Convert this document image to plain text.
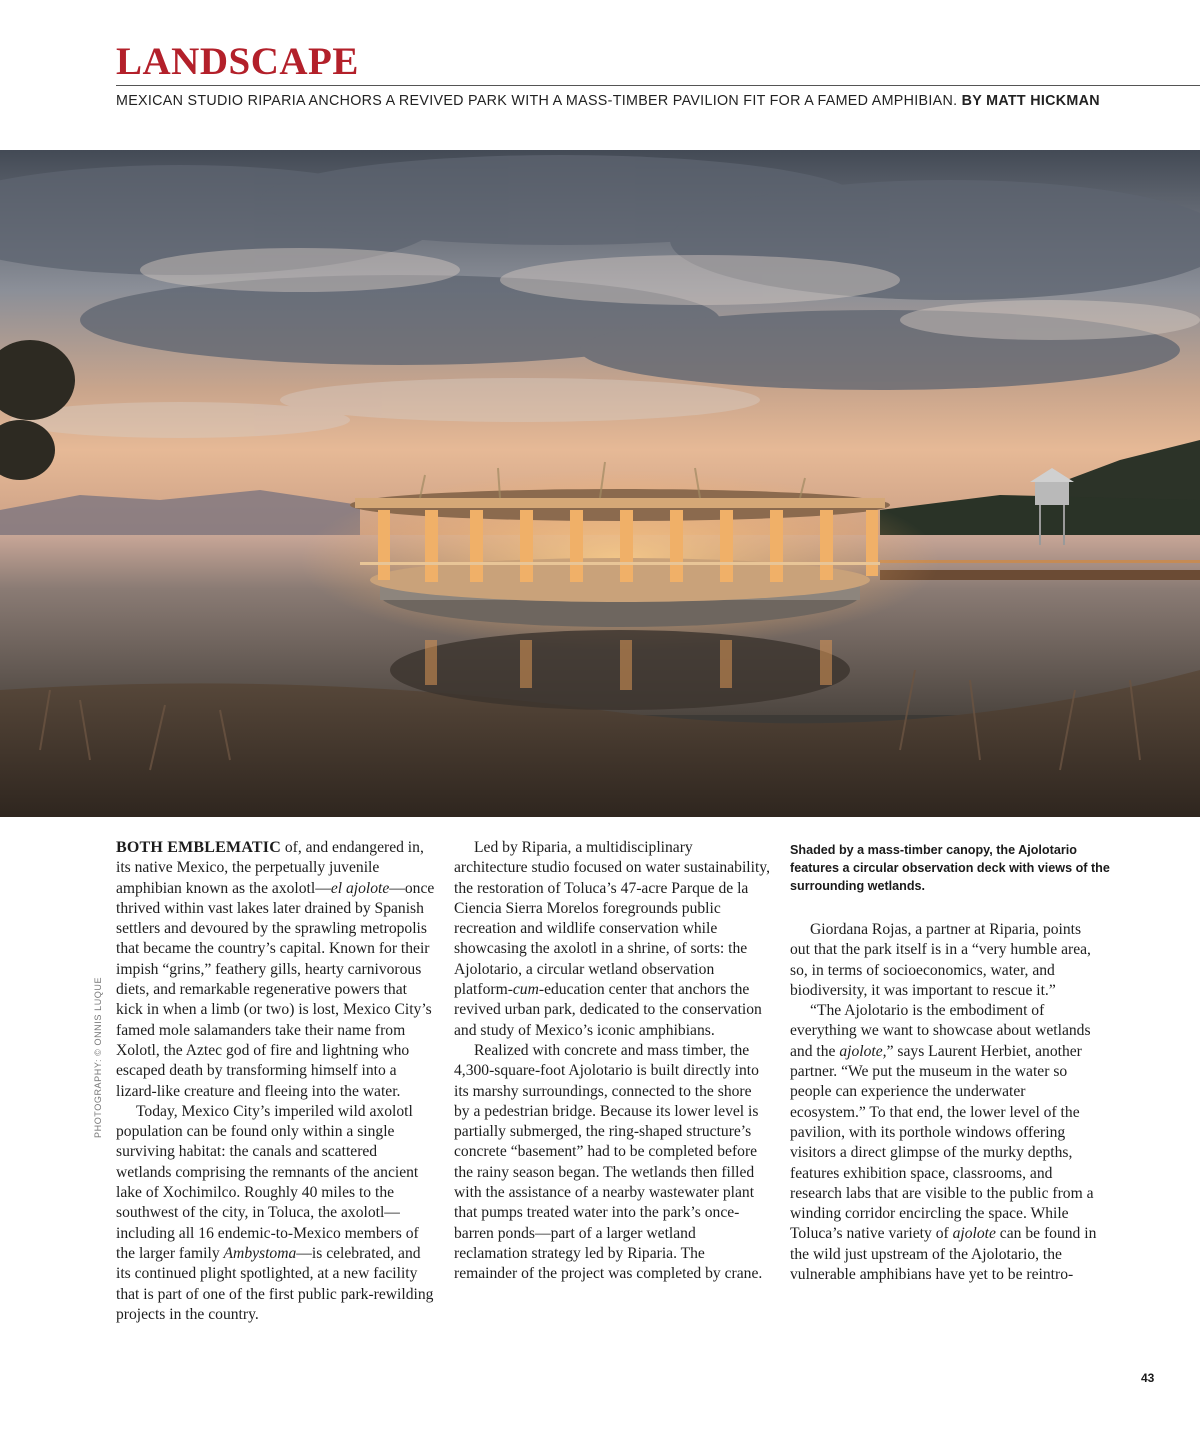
LANDSCAPE

MEXICAN STUDIO RIPARIA ANCHORS A REVIVED PARK WITH A MASS-TIMBER PAVILION FIT FOR A FAMED AMPHIBIAN. BY MATT HICKMAN

BOTH EMBLEMATIC of, and endangered in, its native Mexico, the perpetually juvenile amphibian known as the axolotl—el ajolote—once thrived within vast lakes later drained by Spanish settlers and devoured by the sprawling metropolis that became the country’s capital. Known for their impish “grins,” feathery gills, hearty carnivorous diets, and remarkable regenerative powers that kick in when a limb (or two) is lost, Mexico City’s famed mole salamanders take their name from Xolotl, the Aztec god of fire and lightning who escaped death by transforming himself into a lizard-like creature and fleeing into the water.

Today, Mexico City’s imperiled wild axolotl population can be found only within a single surviving habitat: the canals and scattered wetlands comprising the remnants of the ancient lake of Xochimilco. Roughly 40 miles to the southwest of the city, in Toluca, the axolotl—including all 16 endemic-to-Mexico members of the larger family Ambystoma—is celebrated, and its continued plight spotlighted, at a new facility that is part of one of the first public park-rewilding projects in the country.

Led by Riparia, a multidisciplinary architecture studio focused on water sustainability, the restoration of Toluca’s 47-acre Parque de la Ciencia Sierra Morelos foregrounds public recreation and wildlife conservation while showcasing the axolotl in a shrine, of sorts: the Ajolotario, a circular wetland observation platform-cum-education center that anchors the revived urban park, dedicated to the conservation and study of Mexico’s iconic amphibians.

Realized with concrete and mass timber, the 4,300-square-foot Ajolotario is built directly into its marshy surroundings, connected to the shore by a pedestrian bridge. Because its lower level is partially submerged, the ring-shaped structure’s concrete “basement” had to be completed before the rainy season began. The wetlands then filled with the assistance of a nearby wastewater plant that pumps treated water into the park’s once-barren ponds—part of a larger wetland reclamation strategy led by Riparia. The remainder of the project was completed by crane.

Shaded by a mass-timber canopy, the Ajolotario features a circular observation deck with views of the surrounding wetlands.

Giordana Rojas, a partner at Riparia, points out that the park itself is in a “very humble area, so, in terms of socioeconomics, water, and biodiversity, it was important to rescue it.”

“The Ajolotario is the embodiment of everything we want to showcase about wetlands and the ajolote,” says Laurent Herbiet, another partner. “We put the museum in the water so people can experience the underwater ecosystem.” To that end, the lower level of the pavilion, with its porthole windows offering visitors a direct glimpse of the murky depths, features exhibition space, classrooms, and research labs that are visible to the public from a winding corridor encircling the space. While Toluca’s native variety of ajolote can be found in the wild just upstream of the Ajolotario, the vulnerable amphibians have yet to be reintro-

PHOTOGRAPHY: © ONNIS LUQUE

43
